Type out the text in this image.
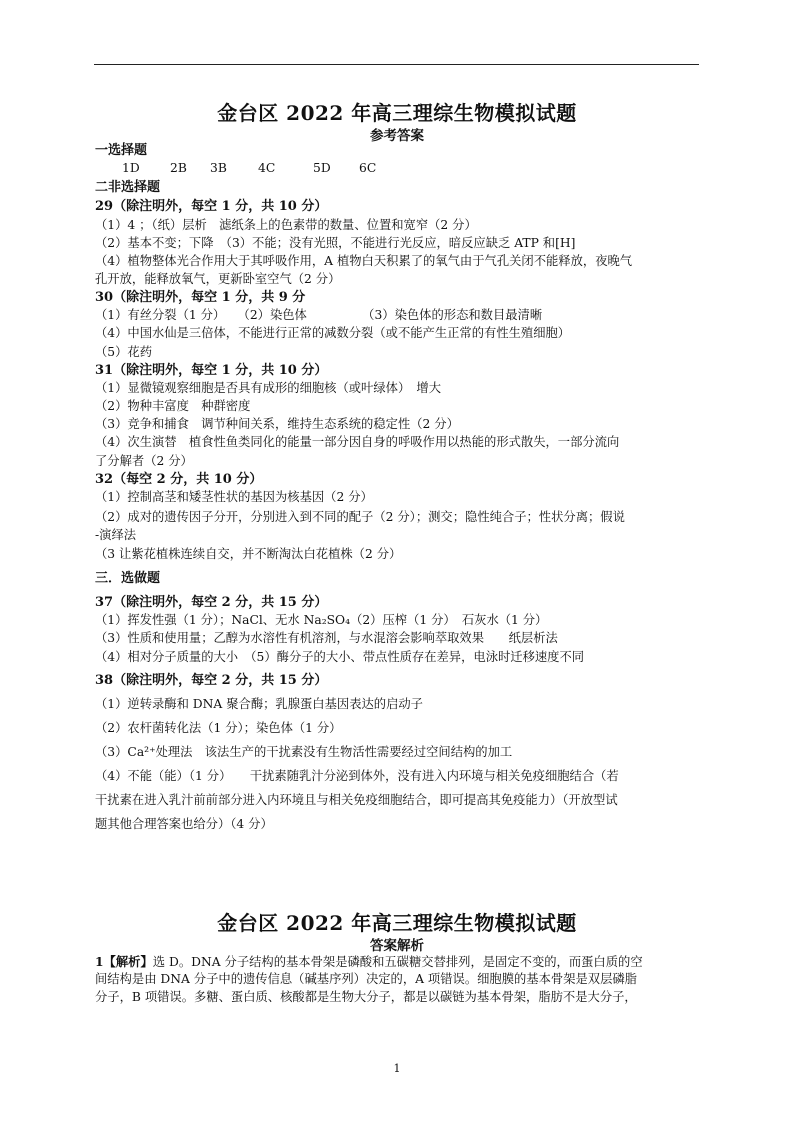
金台区 2022 年高三理综生物模拟试题
参考答案
一选择题
1D 2B 3B	4C	5D 6C
二非选择题
29（除注明外，每空 1 分，共 10 分）
（1）4 ；（纸）层析　滤纸条上的色素带的数量、位置和宽窄（2 分）
（2）基本不变；下降　（3）不能；没有光照，不能进行光反应，暗反应缺乏 ATP 和[H]
（4）植物整体光合作用大于其呼吸作用，A 植物白天积累了的氧气由于气孔关闭不能释放，夜晚气
孔开放，能释放氧气，更新卧室空气（2 分）
30（除注明外，每空 1 分，共 9 分
（1）有丝分裂（1 分）　　（2）染色体　　　　　（3）染色体的形态和数目最清晰
（4）中国水仙是三倍体，不能进行正常的减数分裂（或不能产生正常的有性生殖细胞）
（5）花药
31（除注明外，每空 1 分，共 10 分）
（1）显微镜观察细胞是否具有成形的细胞核（或叶绿体）　增大
（2）物种丰富度　种群密度
（3）竞争和捕食　调节种间关系，维持生态系统的稳定性（2 分）
（4）次生演替　植食性鱼类同化的能量一部分因自身的呼吸作用以热能的形式散失，一部分流向
了分解者（2 分）
32（每空 2 分，共 10 分）
（1）控制高茎和矮茎性状的基因为核基因（2 分）
（2）成对的遗传因子分开，分别进入到不同的配子（2 分）；测交；隐性纯合子；性状分离；假说
-演绎法
（3 让紫花植株连续自交，并不断淘汰白花植株（2 分）
三．选做题
37（除注明外，每空 2 分，共 15 分）
（1）挥发性强（1 分）；NaCl、无水 Na₂SO₄（2）压榨（1 分）　石灰水（1 分）
（3）性质和使用量；乙醇为水溶性有机溶剂，与水混溶会影响萃取效果　　纸层析法
（4）相对分子质量的大小　（5）酶分子的大小、带点性质存在差异，电泳时迁移速度不同
38（除注明外，每空 2 分，共 15 分）
（1）逆转录酶和 DNA 聚合酶；乳腺蛋白基因表达的启动子
（2）农杆菌转化法（1 分）；染色体（1 分）
（3）Ca²⁺处理法　该法生产的干扰素没有生物活性需要经过空间结构的加工
（4）不能（能）（1 分）　　干扰素随乳汁分泌到体外，没有进入内环境与相关免疫细胞结合（若
干扰素在进入乳汁前前部分进入内环境且与相关免疫细胞结合，即可提高其免疫能力）（开放型试
题其他合理答案也给分）（4 分）
金台区 2022 年高三理综生物模拟试题
答案解析
1【解析】选 D。DNA 分子结构的基本骨架是磷酸和五碳糖交替排列，是固定不变的，而蛋白质的空
间结构是由 DNA 分子中的遗传信息（碱基序列）决定的，A 项错误。细胞膜的基本骨架是双层磷脂
分子，B 项错误。多糖、蛋白质、核酸都是生物大分子，都是以碳链为基本骨架，脂肪不是大分子，
1
